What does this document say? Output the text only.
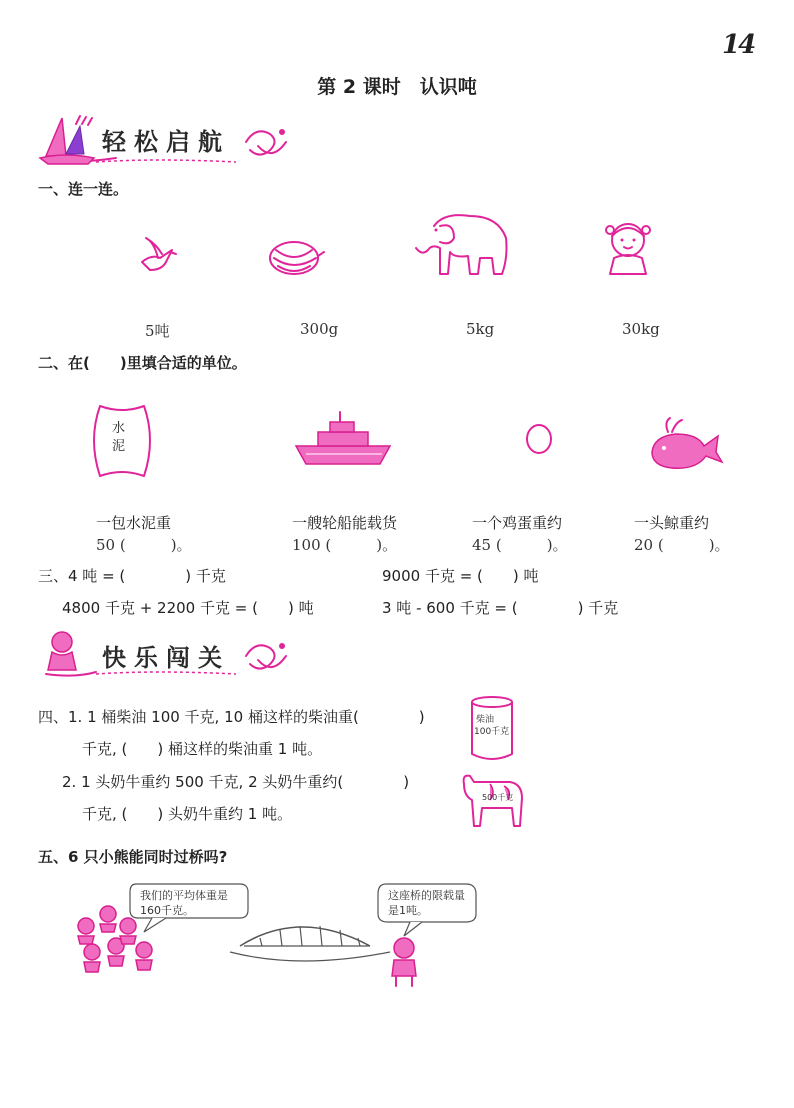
14
第 2 课时　认识吨
轻松启航
一、连一连。
5吨	300g	5kg	30kg
二、在(　　)里填合适的单位。
水泥
一包水泥重
50 (　　　)。
一艘轮船能载货
100 (　　　)。
一个鸡蛋重约
45 (　　　)。
一头鲸重约
20 (　　　)。
三、4 吨 = (　　　　) 千克	9000 千克 = (　　) 吨
4800 千克 + 2200 千克 = (　　) 吨	3 吨 - 600 千克 = (　　　　) 千克
快乐闯关
四、1. 1 桶柴油 100 千克, 10 桶这样的柴油重(　　　　)
千克, (　　) 桶这样的柴油重 1 吨。
2. 1 头奶牛重约 500 千克, 2 头奶牛重约(　　　　)
千克, (　　) 头奶牛重约 1 吨。
柴油
100千克
500千克
五、6 只小熊能同时过桥吗?
我们的平均体重是160千克。
这座桥的限载量是1吨。
